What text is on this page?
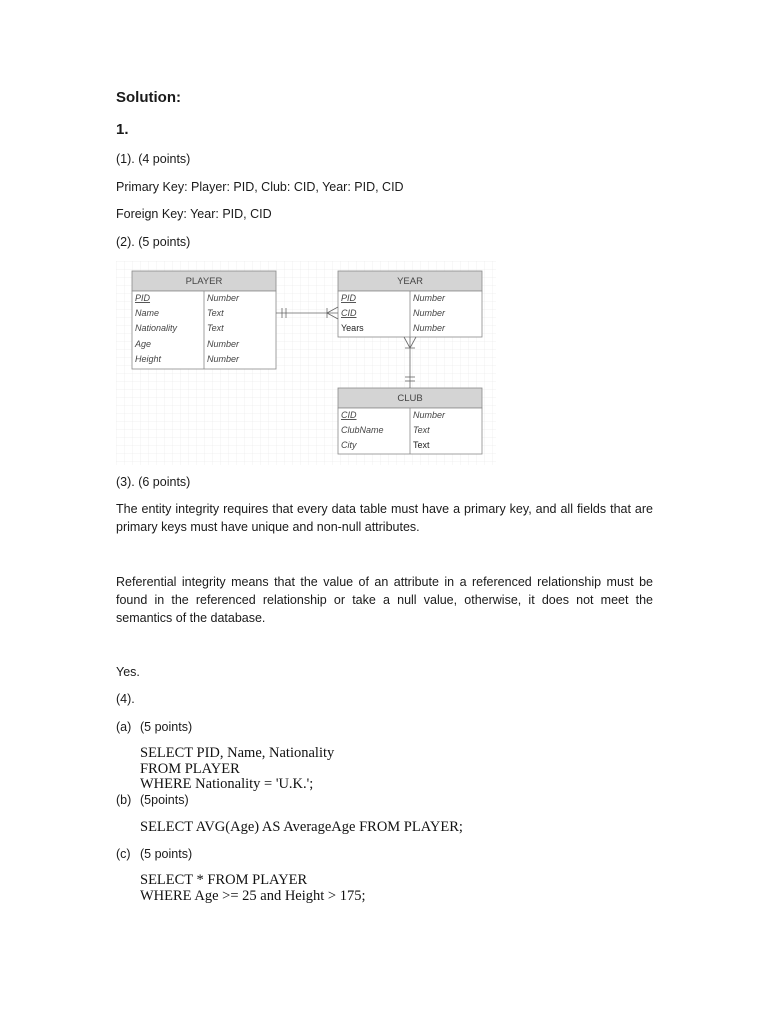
Solution:
1.
(1). (4 points)
Primary Key: Player: PID, Club: CID, Year: PID, CID
Foreign Key: Year: PID, CID
(2). (5 points)
PLAYER
PID	Number
Name	Text
Nationality	Text
Age	Number
Height	Number
YEAR
PID	Number
CID	Number
Years	Number
CLUB
CID	Number
ClubName	Text
City	Text
(3). (6 points)
The entity integrity requires that every data table must have a primary key, and all fields that are primary keys must have unique and non-null attributes.
Referential integrity means that the value of an attribute in a referenced relationship must be found in the referenced relationship or take a null value, otherwise, it does not meet the semantics of the database.
Yes.
(4).
(a) (5 points)
SELECT PID, Name, Nationality
FROM PLAYER
WHERE Nationality = 'U.K.';
(b) (5points)
SELECT AVG(Age) AS AverageAge FROM PLAYER;
(c) (5 points)
SELECT * FROM PLAYER
WHERE Age >= 25 and Height > 175;
